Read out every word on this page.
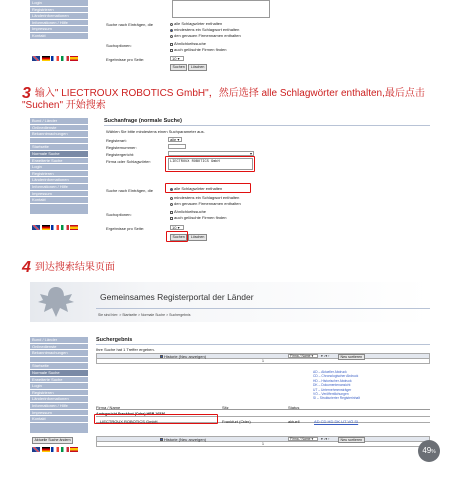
Login
Registrieren
Länderinformationen
Informationen / Hilfe
Impressum
Kontakt
Suche nach Einträgen, die	alle Schlagwörter enthalten
mindestens ein Schlagwort enthalten
den genauen Firmennamen enthalten
Suchoptionen:	Ähnlichkeitssuche
auch gelöschte Firmen finden
Ergebnisse pro Seite:	10 ▾
Suchen Löschen
3 输入" LIECTROUX ROBOTICS GmbH"，然后选择 alle Schlagwörter enthalten,最后点击 "Suchen" 开始搜索
Bund / Länder
Onlinedienste
Bekanntmachungen
Startseite
Normale Suche
Erweiterte Suche
Login
Registrieren
Länderinformationen
Informationen / Hilfe
Impressum
Kontakt
Suchanfrage (normale Suche)
Wählen Sie bitte mindestens einen Suchparameter aus.
Registerart:	alle ▾
Registernummer:
Registergericht:	▾
Firma oder Schlagwörter:	LIECTROUX ROBOTICS GmbH
Suche nach Einträgen, die	alle Schlagwörter enthalten
mindestens ein Schlagwort enthalten
den genauen Firmennamen enthalten
Suchoptionen:
Ähnlichkeitssuche
auch gelöschte Firmen finden
Ergebnisse pro Seite:	10 ▾
Suchen Löschen
4 到达搜索结果页面
Gemeinsames Registerportal der Länder
Sie sind hier: > Startseite > Normale Suche > Suchergebnis
Bund / Länder
Onlinedienste
Bekanntmachungen
Startseite
Normale Suche
Erweiterte Suche
Login
Registrieren
Länderinformationen
Informationen / Hilfe
Impressum
Kontakt
Aktuelle Suche ändern
Suchergebnis
Ihre Suche hat 1 Treffer ergeben.
Historie (Neu anzeigen)	Firma / Name ▾	▾ ↓▾ ↑	Neu sortieren
1
AD – Aktueller Abdruck
CD – Chronologischer Abdruck
HD – Historischer Abdruck
DK – Dokumentenansicht
UT – Unternehmensträger
VÖ – Veröffentlichungen
SI – Strukturierter Registerinhalt
Firma / Name	Sitz	Status
Amtsgericht Frankfurt (Oder) HRB 16536
LIECTROUX ROBOTICS GmbH	Frankfurt (Oder)	aktuell	AD CD HD DK UT VÖ SI
Historie (Neu anzeigen)	Firma / Name ▾	▾ ↓▾ ↑	Neu sortieren
1
49%
